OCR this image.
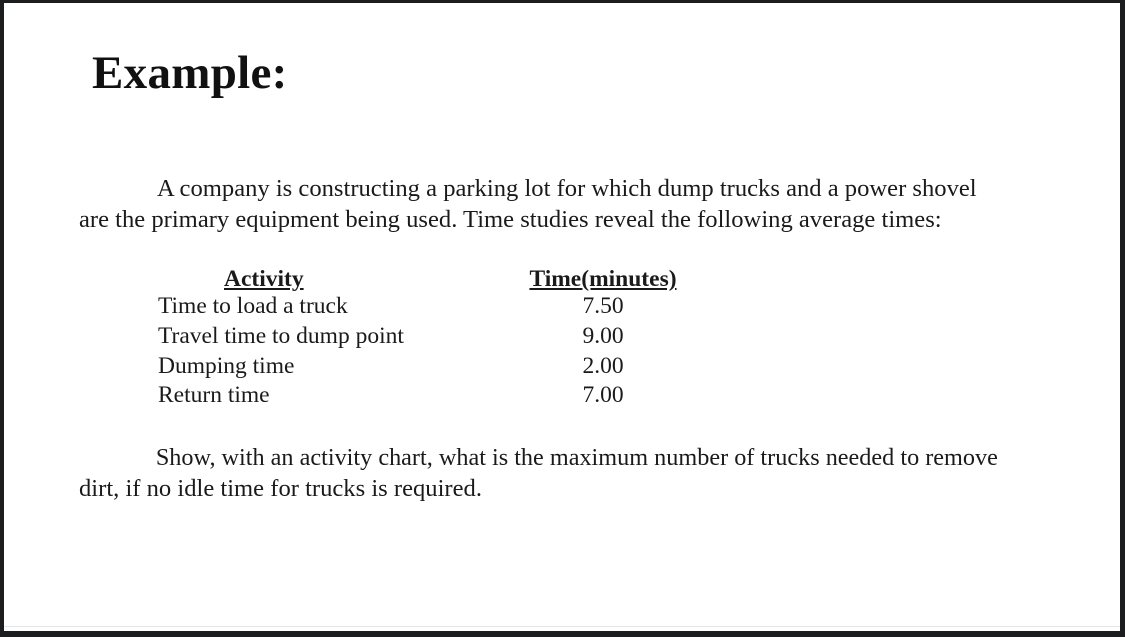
Example:
A company is constructing a parking lot for which dump trucks and a power shovel
are the primary equipment being used. Time studies reveal the following average times:
Activity	Time(minutes)
Time to load a truck	7.50
Travel time to dump point	9.00
Dumping time	2.00
Return time	7.00
Show, with an activity chart, what is the maximum number of trucks needed to remove
dirt, if no idle time for trucks is required.
